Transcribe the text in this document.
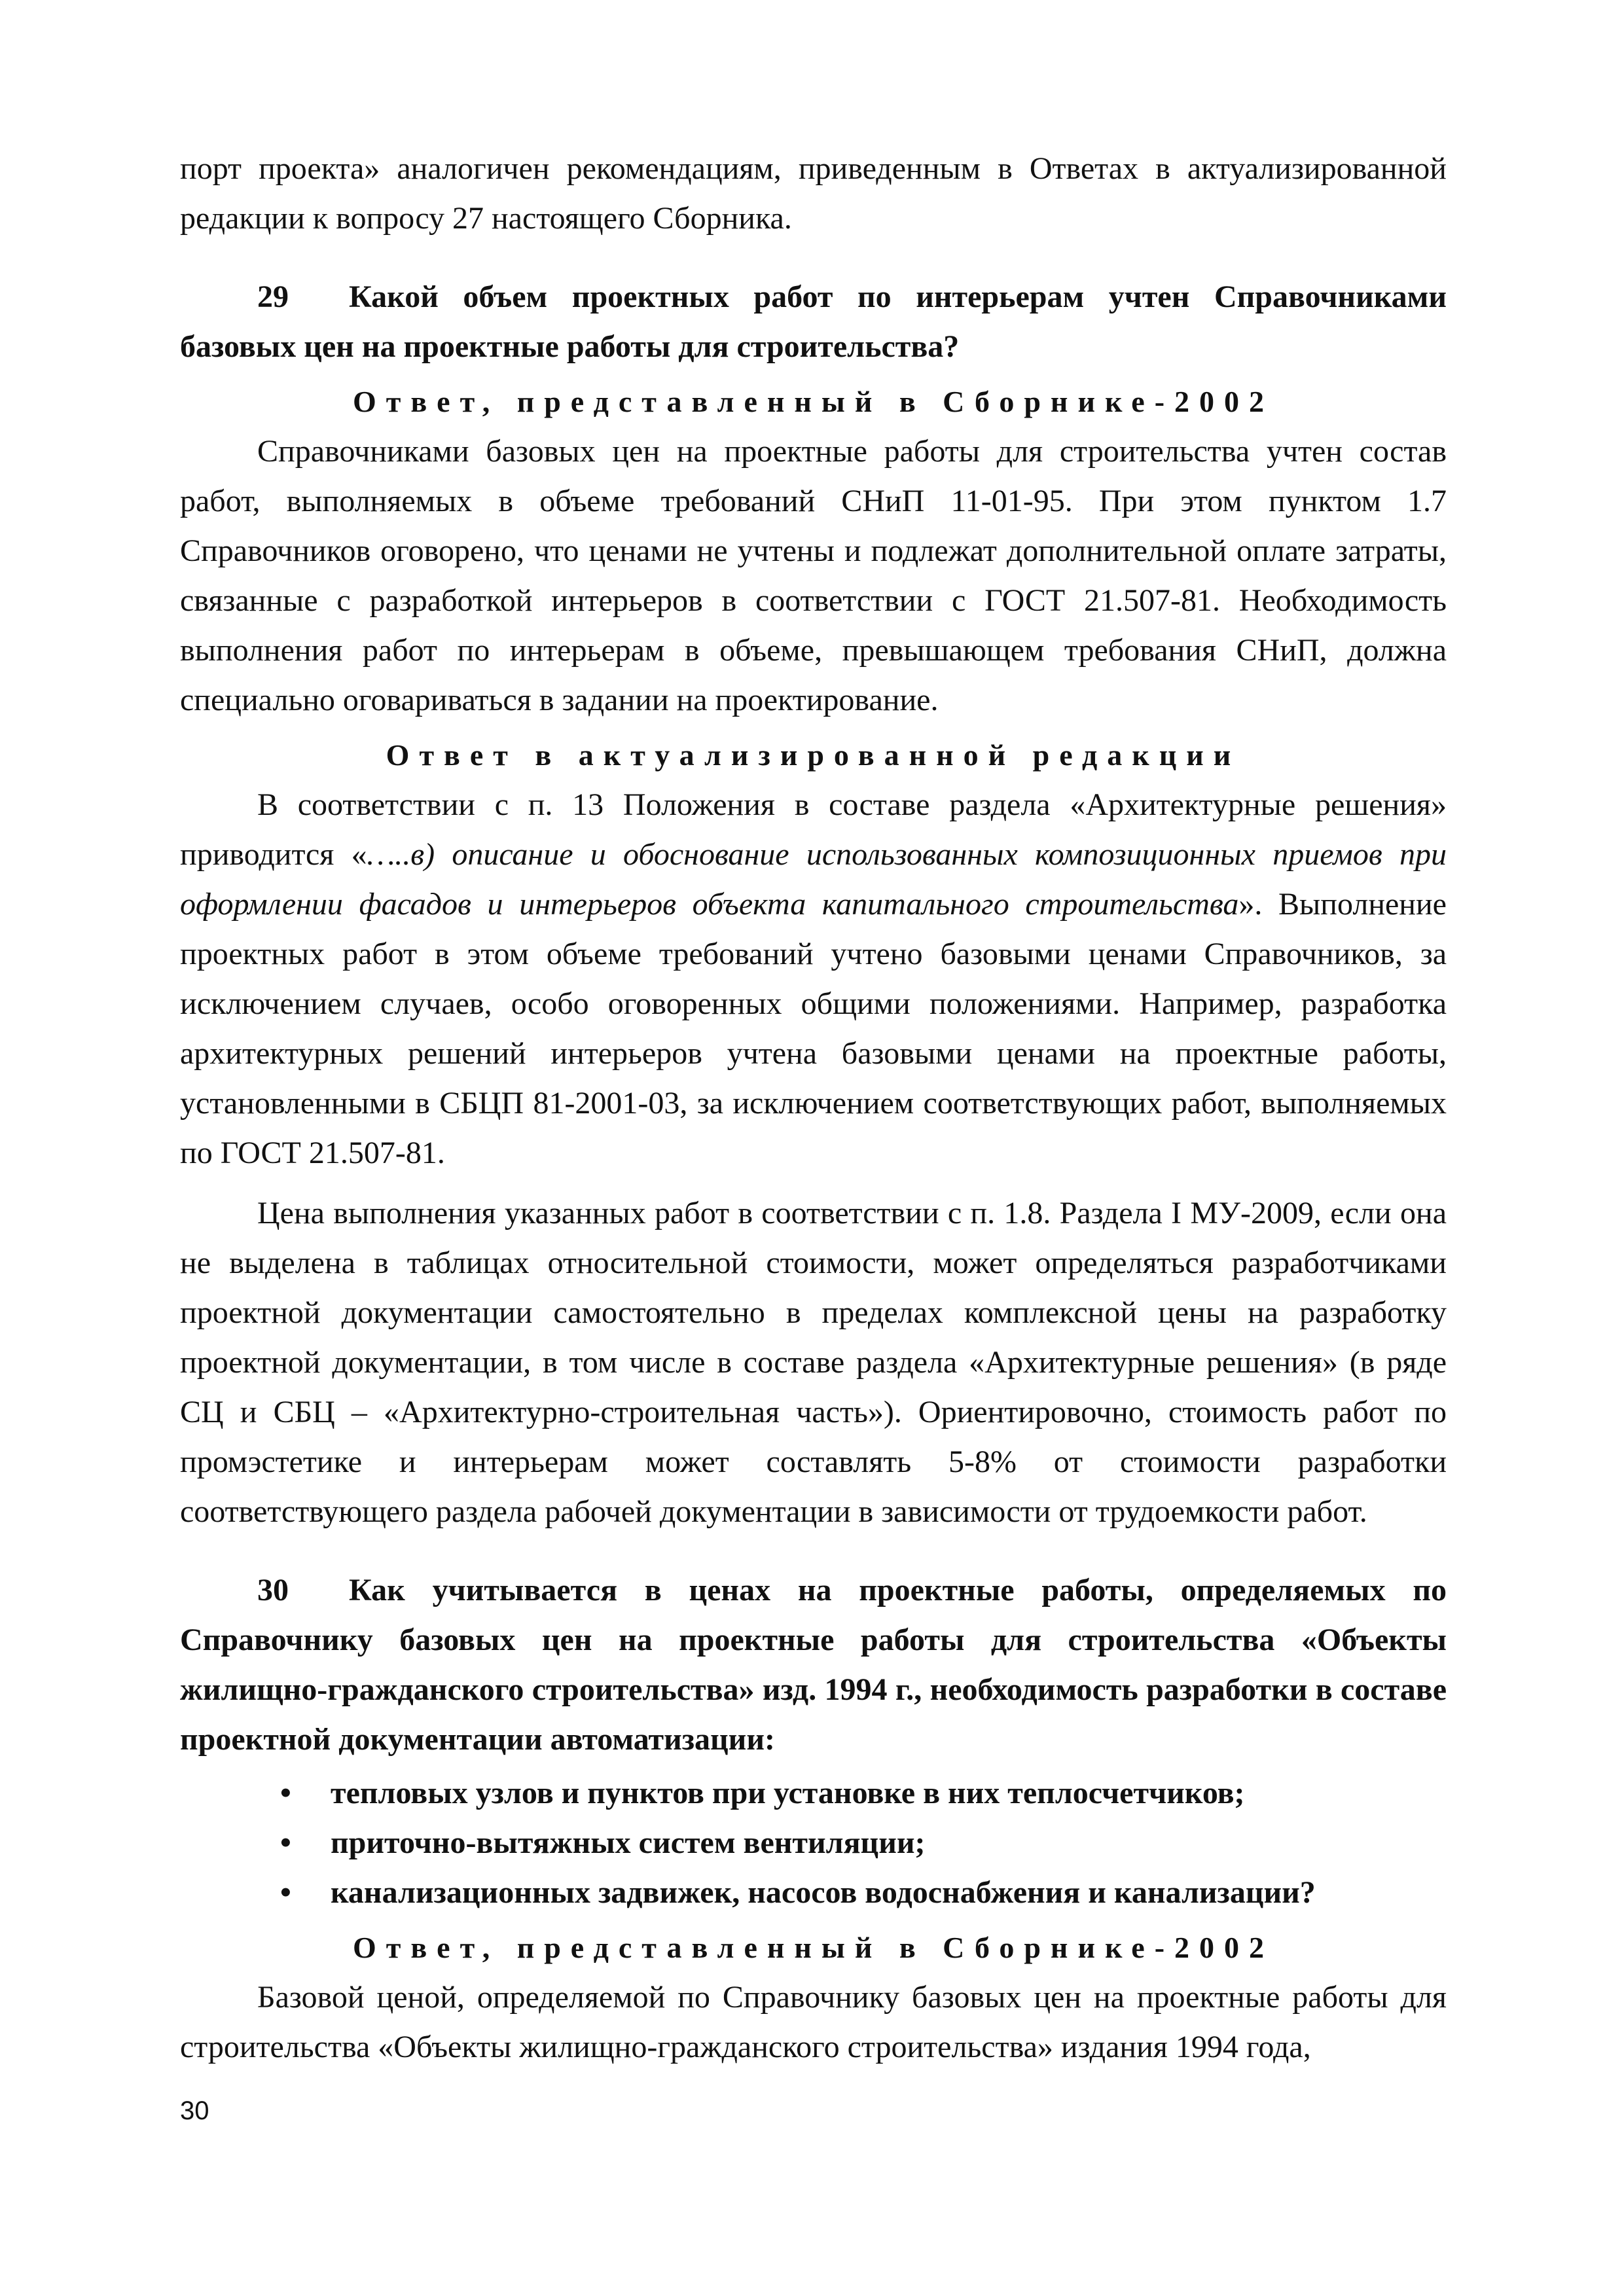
порт проекта» аналогичен рекомендациям, приведенным в Ответах в актуализированной редакции к вопросу 27 настоящего Сборника.

29 Какой объем проектных работ по интерьерам учтен Справочниками базовых цен на проектные работы для строительства?

Ответ, представленный в Сборнике-2002

Справочниками базовых цен на проектные работы для строительства учтен состав работ, выполняемых в объеме требований СНиП 11-01-95. При этом пунктом 1.7 Справочников оговорено, что ценами не учтены и подлежат дополнительной оплате затраты, связанные с разработкой интерьеров в соответствии с ГОСТ 21.507-81. Необходимость выполнения работ по интерьерам в объеме, превышающем требования СНиП, должна специально оговариваться в задании на проектирование.

Ответ в актуализированной редакции

В соответствии с п. 13 Положения в составе раздела «Архитектурные решения» приводится «…..в) описание и обоснование использованных композиционных приемов при оформлении фасадов и интерьеров объекта капитального строительства». Выполнение проектных работ в этом объеме требований учтено базовыми ценами Справочников, за исключением случаев, особо оговоренных общими положениями. Например, разработка архитектурных решений интерьеров учтена базовыми ценами на проектные работы, установленными в СБЦП 81-2001-03, за исключением соответствующих работ, выполняемых по ГОСТ 21.507-81.

Цена выполнения указанных работ в соответствии с п. 1.8. Раздела I МУ-2009, если она не выделена в таблицах относительной стоимости, может определяться разработчиками проектной документации самостоятельно в пределах комплексной цены на разработку проектной документации, в том числе в составе раздела «Архитектурные решения» (в ряде СЦ и СБЦ – «Архитектурно-строительная часть»). Ориентировочно, стоимость работ по промэстетике и интерьерам может составлять 5-8% от стоимости разработки соответствующего раздела рабочей документации в зависимости от трудоемкости работ.

30 Как учитывается в ценах на проектные работы, определяемых по Справочнику базовых цен на проектные работы для строительства «Объекты жилищно-гражданского строительства» изд. 1994 г., необходимость разработки в составе проектной документации автоматизации:

• тепловых узлов и пунктов при установке в них теплосчетчиков;
• приточно-вытяжных систем вентиляции;
• канализационных задвижек, насосов водоснабжения и канализации?

Ответ, представленный в Сборнике-2002

Базовой ценой, определяемой по Справочнику базовых цен на проектные работы для строительства «Объекты жилищно-гражданского строительства» издания 1994 года,

30
